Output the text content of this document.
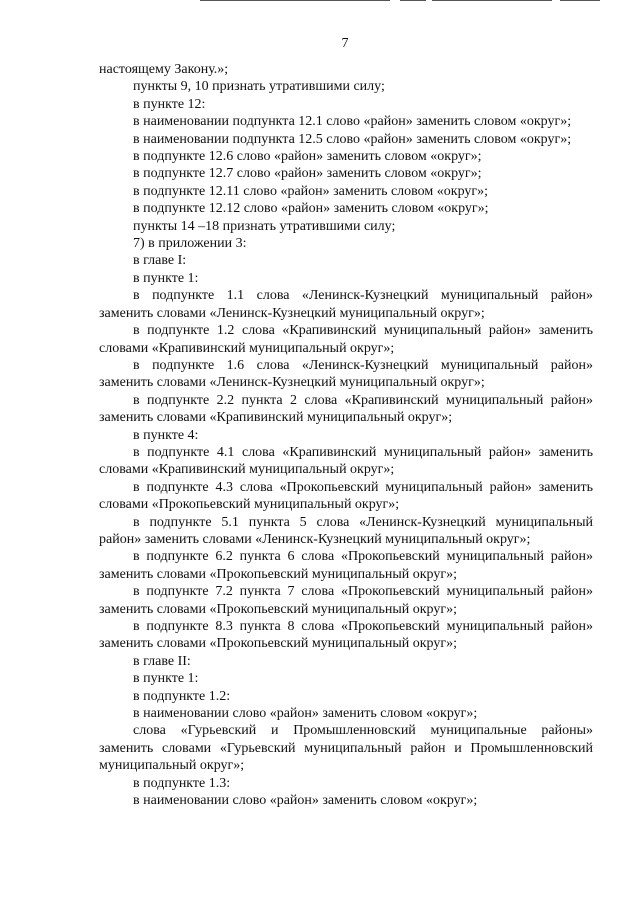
7

настоящему Закону.»;

пункты 9, 10 признать утратившими силу;

в пункте 12:

в наименовании подпункта 12.1 слово «район» заменить словом «округ»;

в наименовании подпункта 12.5 слово «район» заменить словом «округ»;

в подпункте 12.6 слово «район» заменить словом «округ»;

в подпункте 12.7 слово «район» заменить словом «округ»;

в подпункте 12.11 слово «район» заменить словом «округ»;

в подпункте 12.12 слово «район» заменить словом «округ»;

пункты 14 –18 признать утратившими силу;

7) в приложении 3:

в главе I:

в пункте 1:

в подпункте 1.1 слова «Ленинск-Кузнецкий муниципальный район» заменить словами «Ленинск-Кузнецкий муниципальный округ»;

в подпункте 1.2 слова «Крапивинский муниципальный район» заменить словами «Крапивинский муниципальный округ»;

в подпункте 1.6 слова «Ленинск-Кузнецкий муниципальный район» заменить словами «Ленинск-Кузнецкий муниципальный округ»;

в подпункте 2.2 пункта 2 слова «Крапивинский муниципальный район» заменить словами «Крапивинский муниципальный округ»;

в пункте 4:

в подпункте 4.1 слова «Крапивинский муниципальный район» заменить словами «Крапивинский муниципальный округ»;

в подпункте 4.3 слова «Прокопьевский муниципальный район» заменить словами «Прокопьевский муниципальный округ»;

в подпункте 5.1 пункта 5 слова «Ленинск-Кузнецкий муниципальный район» заменить словами «Ленинск-Кузнецкий муниципальный округ»;

в подпункте 6.2 пункта 6 слова «Прокопьевский муниципальный район» заменить словами «Прокопьевский муниципальный округ»;

в подпункте 7.2 пункта 7 слова «Прокопьевский муниципальный район» заменить словами «Прокопьевский муниципальный округ»;

в подпункте 8.3 пункта 8 слова «Прокопьевский муниципальный район» заменить словами «Прокопьевский муниципальный округ»;

в главе II:

в пункте 1:

в подпункте 1.2:

в наименовании слово «район» заменить словом «округ»;

слова «Гурьевский и Промышленновский муниципальные районы» заменить словами «Гурьевский муниципальный район и Промышленновский муниципальный округ»;

в подпункте 1.3:

в наименовании слово «район» заменить словом «округ»;
